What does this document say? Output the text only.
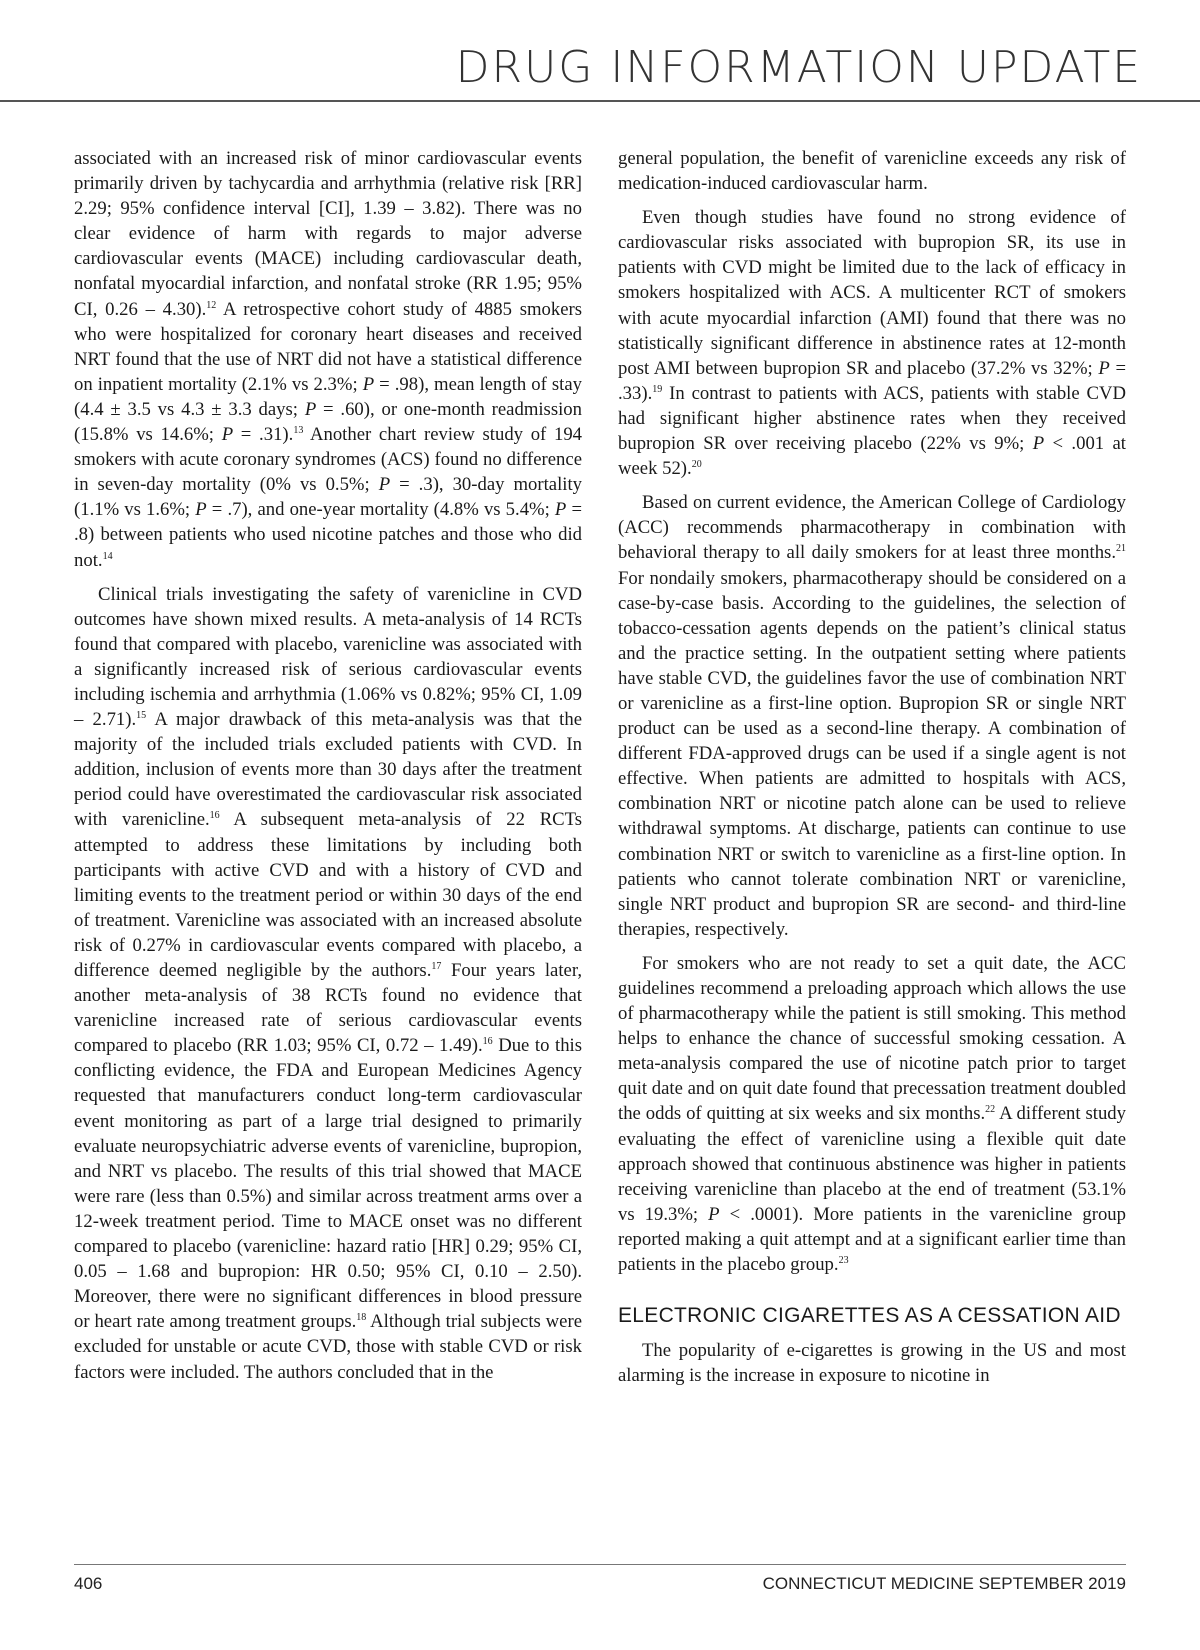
DRUG INFORMATION UPDATE

associated with an increased risk of minor cardiovascular events primarily driven by tachycardia and arrhythmia (relative risk [RR] 2.29; 95% confidence interval [CI], 1.39 – 3.82). There was no clear evidence of harm with regards to major adverse cardiovascular events (MACE) including cardiovascular death, nonfatal myocardial infarction, and nonfatal stroke (RR 1.95; 95% CI, 0.26 – 4.30).$^{12}$ A retrospective cohort study of 4885 smokers who were hospitalized for coronary heart diseases and received NRT found that the use of NRT did not have a statistical difference on inpatient mortality (2.1% vs 2.3%; P = .98), mean length of stay (4.4 ± 3.5 vs 4.3 ± 3.3 days; P = .60), or one-month readmission (15.8% vs 14.6%; P = .31).$^{13}$ Another chart review study of 194 smokers with acute coronary syndromes (ACS) found no difference in seven-day mortality (0% vs 0.5%; P = .3), 30-day mortality (1.1% vs 1.6%; P = .7), and one-year mortality (4.8% vs 5.4%; P = .8) between patients who used nicotine patches and those who did not.$^{14}$

Clinical trials investigating the safety of varenicline in CVD outcomes have shown mixed results. A meta-analysis of 14 RCTs found that compared with placebo, varenicline was associated with a significantly increased risk of serious cardiovascular events including ischemia and arrhythmia (1.06% vs 0.82%; 95% CI, 1.09 – 2.71).$^{15}$ A major drawback of this meta-analysis was that the majority of the included trials excluded patients with CVD. In addition, inclusion of events more than 30 days after the treatment period could have overestimated the cardiovascular risk associated with varenicline.$^{16}$ A subsequent meta-analysis of 22 RCTs attempted to address these limitations by including both participants with active CVD and with a history of CVD and limiting events to the treatment period or within 30 days of the end of treatment. Varenicline was associated with an increased absolute risk of 0.27% in cardiovascular events compared with placebo, a difference deemed negligible by the authors.$^{17}$ Four years later, another meta-analysis of 38 RCTs found no evidence that varenicline increased rate of serious cardiovascular events compared to placebo (RR 1.03; 95% CI, 0.72 – 1.49).$^{16}$ Due to this conflicting evidence, the FDA and European Medicines Agency requested that manufacturers conduct long-term cardiovascular event monitoring as part of a large trial designed to primarily evaluate neuropsychiatric adverse events of varenicline, bupropion, and NRT vs placebo. The results of this trial showed that MACE were rare (less than 0.5%) and similar across treatment arms over a 12-week treatment period. Time to MACE onset was no different compared to placebo (varenicline: hazard ratio [HR] 0.29; 95% CI, 0.05 – 1.68 and bupropion: HR 0.50; 95% CI, 0.10 – 2.50). Moreover, there were no significant differences in blood pressure or heart rate among treatment groups.$^{18}$ Although trial subjects were excluded for unstable or acute CVD, those with stable CVD or risk factors were included. The authors concluded that in the

general population, the benefit of varenicline exceeds any risk of medication-induced cardiovascular harm.

Even though studies have found no strong evidence of cardiovascular risks associated with bupropion SR, its use in patients with CVD might be limited due to the lack of efficacy in smokers hospitalized with ACS. A multicenter RCT of smokers with acute myocardial infarction (AMI) found that there was no statistically significant difference in abstinence rates at 12-month post AMI between bupropion SR and placebo (37.2% vs 32%; P = .33).$^{19}$ In contrast to patients with ACS, patients with stable CVD had significant higher abstinence rates when they received bupropion SR over receiving placebo (22% vs 9%; P < .001 at week 52).$^{20}$

Based on current evidence, the American College of Cardiology (ACC) recommends pharmacotherapy in combination with behavioral therapy to all daily smokers for at least three months.$^{21}$ For nondaily smokers, pharmacotherapy should be considered on a case-by-case basis. According to the guidelines, the selection of tobacco-cessation agents depends on the patient’s clinical status and the practice setting. In the outpatient setting where patients have stable CVD, the guidelines favor the use of combination NRT or varenicline as a first-line option. Bupropion SR or single NRT product can be used as a second-line therapy. A combination of different FDA-approved drugs can be used if a single agent is not effective. When patients are admitted to hospitals with ACS, combination NRT or nicotine patch alone can be used to relieve withdrawal symptoms. At discharge, patients can continue to use combination NRT or switch to varenicline as a first-line option. In patients who cannot tolerate combination NRT or varenicline, single NRT product and bupropion SR are second- and third-line therapies, respectively.

For smokers who are not ready to set a quit date, the ACC guidelines recommend a preloading approach which allows the use of pharmacotherapy while the patient is still smoking. This method helps to enhance the chance of successful smoking cessation. A meta-analysis compared the use of nicotine patch prior to target quit date and on quit date found that precessation treatment doubled the odds of quitting at six weeks and six months.$^{22}$ A different study evaluating the effect of varenicline using a flexible quit date approach showed that continuous abstinence was higher in patients receiving varenicline than placebo at the end of treatment (53.1% vs 19.3%; P < .0001). More patients in the varenicline group reported making a quit attempt and at a significant earlier time than patients in the placebo group.$^{23}$

ELECTRONIC CIGARETTES AS A CESSATION AID

The popularity of e-cigarettes is growing in the US and most alarming is the increase in exposure to nicotine in

406	CONNECTICUT MEDICINE SEPTEMBER 2019
